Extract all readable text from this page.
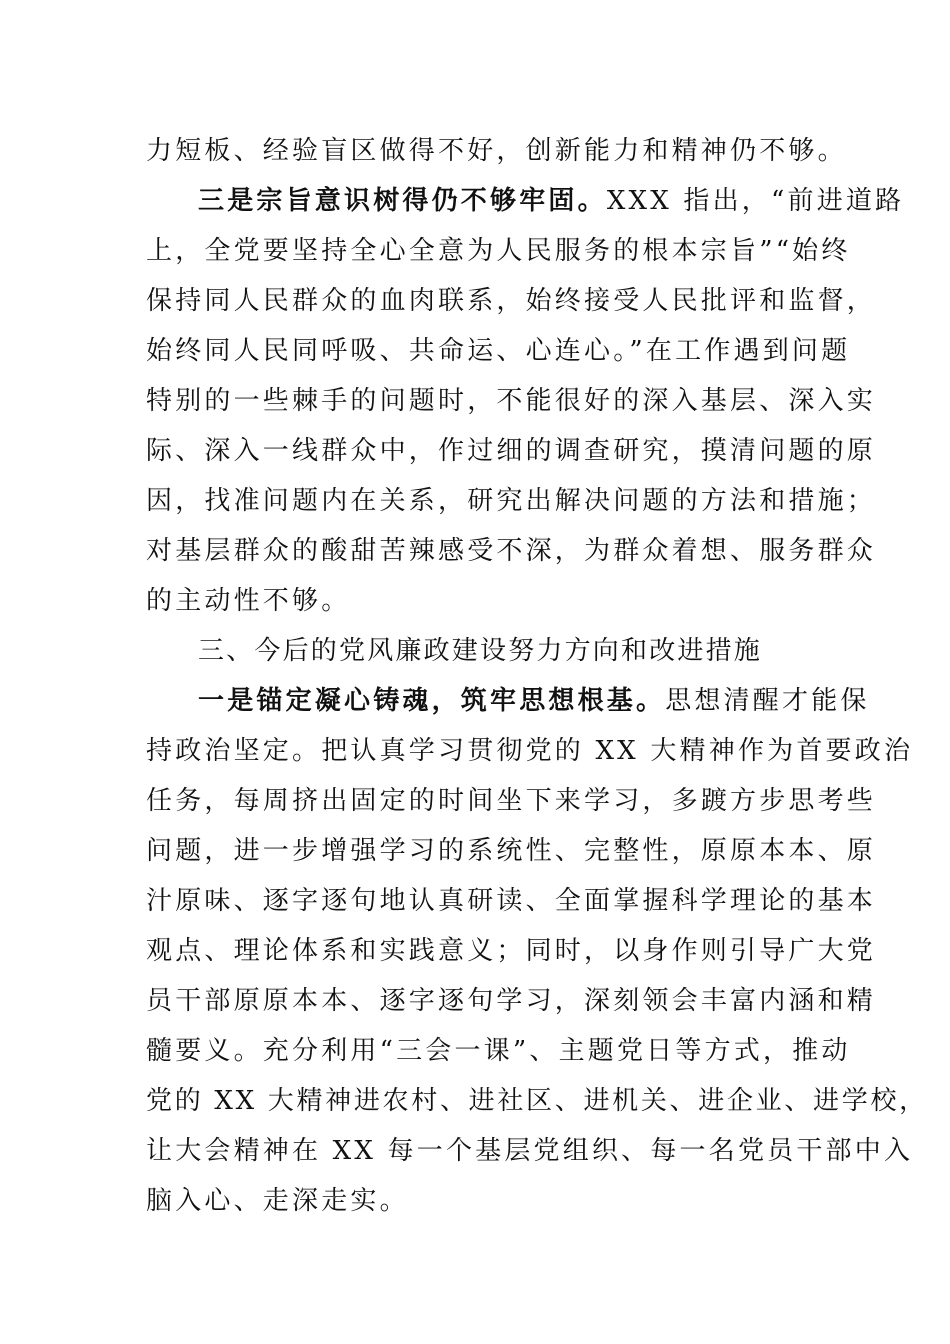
力短板、经验盲区做得不好，创新能力和精神仍不够。
三是宗旨意识树得仍不够牢固。XXX 指出，“前进道路
上，全党要坚持全心全意为人民服务的根本宗旨”“始终
保持同人民群众的血肉联系，始终接受人民批评和监督，
始终同人民同呼吸、共命运、心连心。”在工作遇到问题
特别的一些棘手的问题时，不能很好的深入基层、深入实
际、深入一线群众中，作过细的调查研究，摸清问题的原
因，找准问题内在关系，研究出解决问题的方法和措施；
对基层群众的酸甜苦辣感受不深，为群众着想、服务群众
的主动性不够。
三、今后的党风廉政建设努力方向和改进措施
一是锚定凝心铸魂，筑牢思想根基。思想清醒才能保
持政治坚定。把认真学习贯彻党的 XX 大精神作为首要政治
任务，每周挤出固定的时间坐下来学习，多踱方步思考些
问题，进一步增强学习的系统性、完整性，原原本本、原
汁原味、逐字逐句地认真研读、全面掌握科学理论的基本
观点、理论体系和实践意义；同时，以身作则引导广大党
员干部原原本本、逐字逐句学习，深刻领会丰富内涵和精
髓要义。充分利用“三会一课”、主题党日等方式，推动
党的 XX 大精神进农村、进社区、进机关、进企业、进学校，
让大会精神在 XX 每一个基层党组织、每一名党员干部中入
脑入心、走深走实。
